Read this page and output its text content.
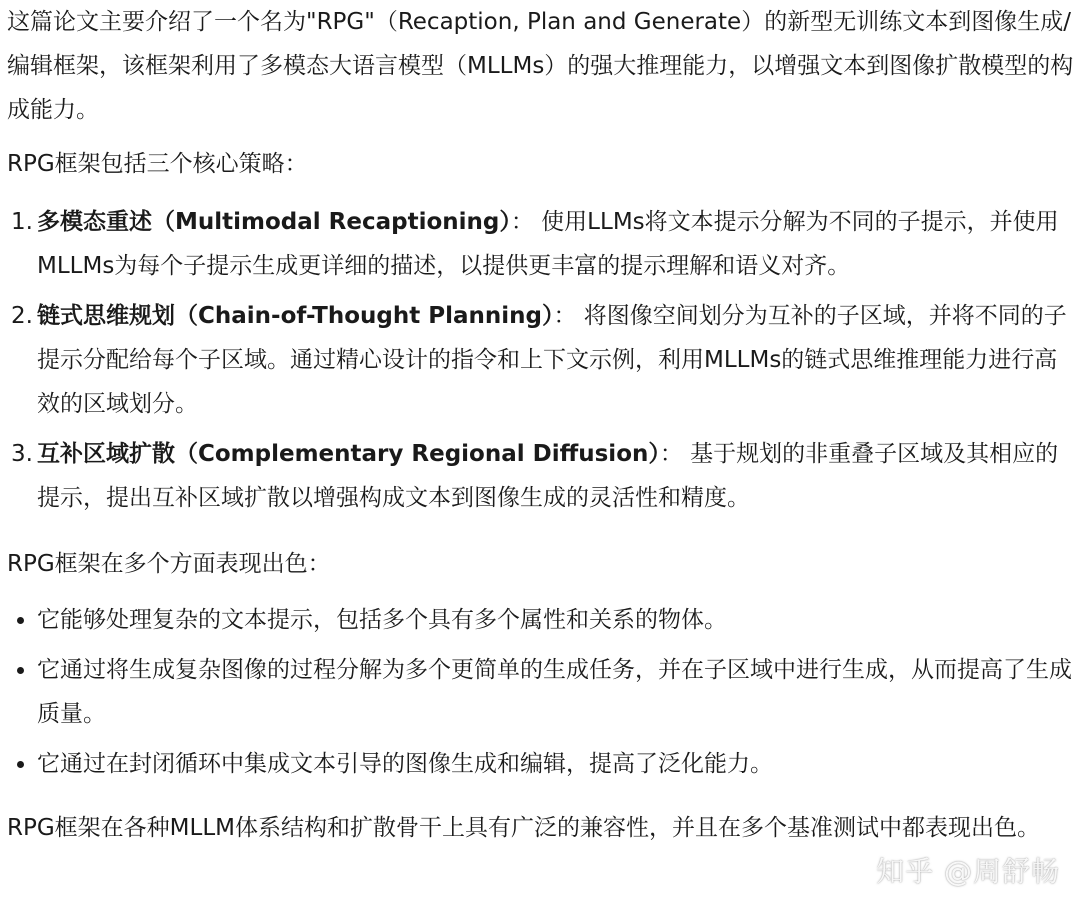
这篇论文主要介绍了一个名为"RPG"（Recaption, Plan and Generate）的新型无训练文本到图像生成/编辑框架，该框架利用了多模态大语言模型（MLLMs）的强大推理能力，以增强文本到图像扩散模型的构成能力。

RPG框架包括三个核心策略：

1. 多模态重述（Multimodal Recaptioning）： 使用LLMs将文本提示分解为不同的子提示，并使用MLLMs为每个子提示生成更详细的描述，以提供更丰富的提示理解和语义对齐。
2. 链式思维规划（Chain-of-Thought Planning）： 将图像空间划分为互补的子区域，并将不同的子提示分配给每个子区域。通过精心设计的指令和上下文示例，利用MLLMs的链式思维推理能力进行高效的区域划分。
3. 互补区域扩散（Complementary Regional Diffusion）： 基于规划的非重叠子区域及其相应的提示，提出互补区域扩散以增强构成文本到图像生成的灵活性和精度。

RPG框架在多个方面表现出色：

它能够处理复杂的文本提示，包括多个具有多个属性和关系的物体。
它通过将生成复杂图像的过程分解为多个更简单的生成任务，并在子区域中进行生成，从而提高了生成质量。
它通过在封闭循环中集成文本引导的图像生成和编辑，提高了泛化能力。

RPG框架在各种MLLM体系结构和扩散骨干上具有广泛的兼容性，并且在多个基准测试中都表现出色。

知乎 @周舒畅
